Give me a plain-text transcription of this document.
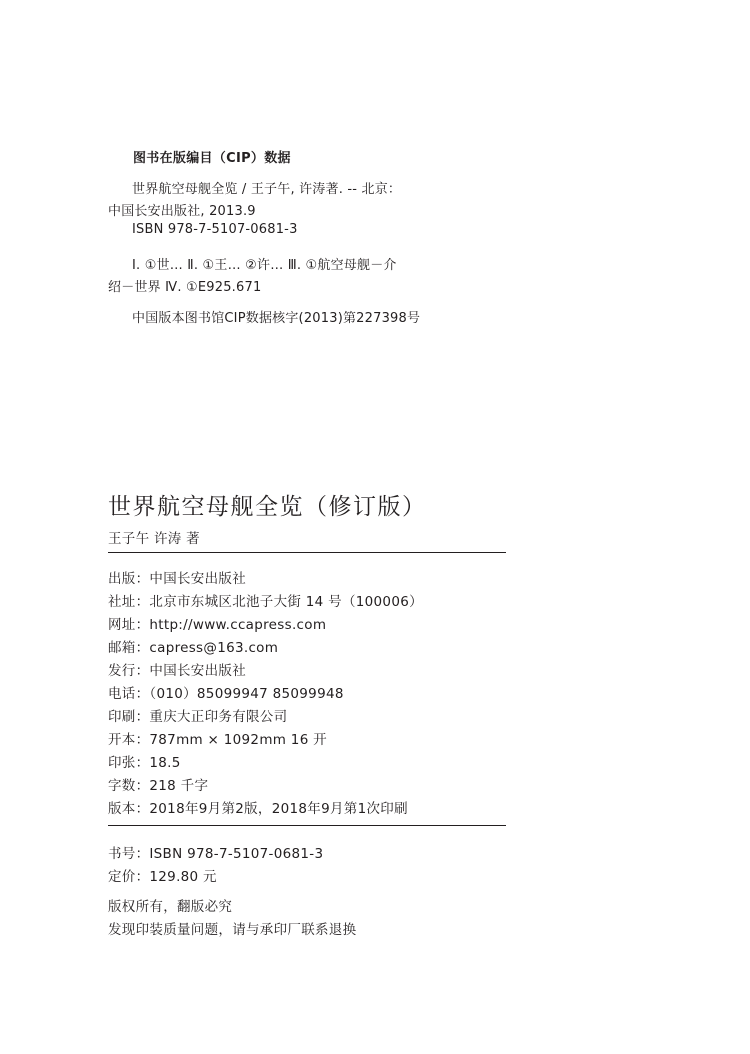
图书在版编目（CIP）数据
世界航空母舰全览 / 王子午, 许涛著. -- 北京：
中国长安出版社, 2013.9
ISBN 978-7-5107-0681-3
Ⅰ. ①世… Ⅱ. ①王… ②许… Ⅲ. ①航空母舰－介
绍－世界 Ⅳ. ①E925.671
中国版本图书馆CIP数据核字(2013)第227398号
世界航空母舰全览（修订版）
王子午 许涛 著
出版：中国长安出版社
社址：北京市东城区北池子大街 14 号（100006）
网址：http://www.ccapress.com
邮箱：capress@163.com
发行：中国长安出版社
电话：（010）85099947 85099948
印刷：重庆大正印务有限公司
开本：787mm × 1092mm 16 开
印张：18.5
字数：218 千字
版本：2018年9月第2版，2018年9月第1次印刷
书号：ISBN 978-7-5107-0681-3
定价：129.80 元
版权所有，翻版必究
发现印装质量问题，请与承印厂联系退换
